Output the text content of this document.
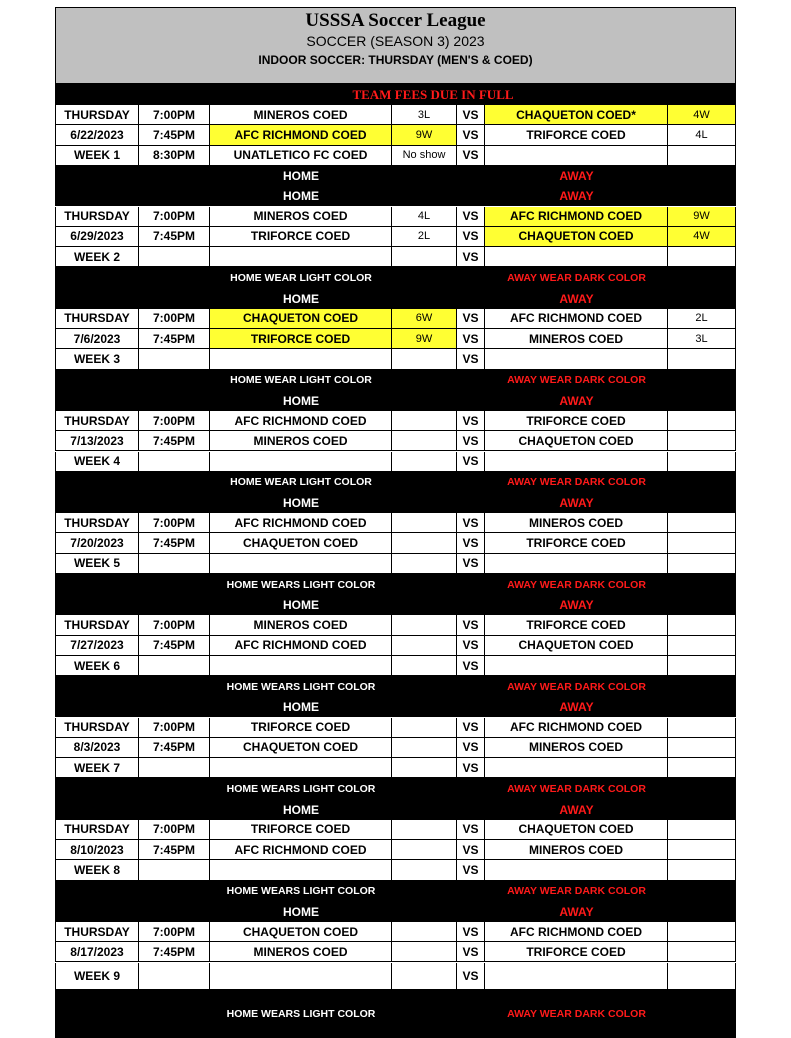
USSSA Soccer League
SOCCER (SEASON 3) 2023
INDOOR SOCCER: THURSDAY (MEN'S & COED)
TEAM FEES DUE IN FULL
THURSDAY	7:00PM	MINEROS COED	3L	VS	CHAQUETON COED*	4W
6/22/2023	7:45PM	AFC RICHMOND COED	9W	VS	TRIFORCE COED	4L
WEEK 1	8:30PM	UNATLETICO FC COED	No show	VS
HOME	AWAY
HOME	AWAY
THURSDAY	7:00PM	MINEROS COED	4L	VS	AFC RICHMOND COED	9W
6/29/2023	7:45PM	TRIFORCE COED	2L	VS	CHAQUETON COED	4W
WEEK 2	VS
HOME WEAR LIGHT COLOR	AWAY WEAR DARK COLOR
HOME	AWAY
THURSDAY	7:00PM	CHAQUETON COED	6W	VS	AFC RICHMOND COED	2L
7/6/2023	7:45PM	TRIFORCE COED	9W	VS	MINEROS COED	3L
WEEK 3	VS
HOME WEAR LIGHT COLOR	AWAY WEAR DARK COLOR
HOME	AWAY
THURSDAY	7:00PM	AFC RICHMOND COED	VS	TRIFORCE COED
7/13/2023	7:45PM	MINEROS COED	VS	CHAQUETON COED
WEEK 4	VS
HOME WEAR LIGHT COLOR	AWAY WEAR DARK COLOR
HOME	AWAY
THURSDAY	7:00PM	AFC RICHMOND COED	VS	MINEROS COED
7/20/2023	7:45PM	CHAQUETON COED	VS	TRIFORCE COED
WEEK 5	VS
HOME WEARS LIGHT COLOR	AWAY WEAR DARK COLOR
HOME	AWAY
THURSDAY	7:00PM	MINEROS COED	VS	TRIFORCE COED
7/27/2023	7:45PM	AFC RICHMOND COED	VS	CHAQUETON COED
WEEK 6	VS
HOME WEARS LIGHT COLOR	AWAY WEAR DARK COLOR
HOME	AWAY
THURSDAY	7:00PM	TRIFORCE COED	VS	AFC RICHMOND COED
8/3/2023	7:45PM	CHAQUETON COED	VS	MINEROS COED
WEEK 7	VS
HOME WEARS LIGHT COLOR	AWAY WEAR DARK COLOR
HOME	AWAY
THURSDAY	7:00PM	TRIFORCE COED	VS	CHAQUETON COED
8/10/2023	7:45PM	AFC RICHMOND COED	VS	MINEROS COED
WEEK 8	VS
HOME WEARS LIGHT COLOR	AWAY WEAR DARK COLOR
HOME	AWAY
THURSDAY	7:00PM	CHAQUETON COED	VS	AFC RICHMOND COED
8/17/2023	7:45PM	MINEROS COED	VS	TRIFORCE COED
WEEK 9	VS
HOME WEARS LIGHT COLOR	AWAY WEAR DARK COLOR
